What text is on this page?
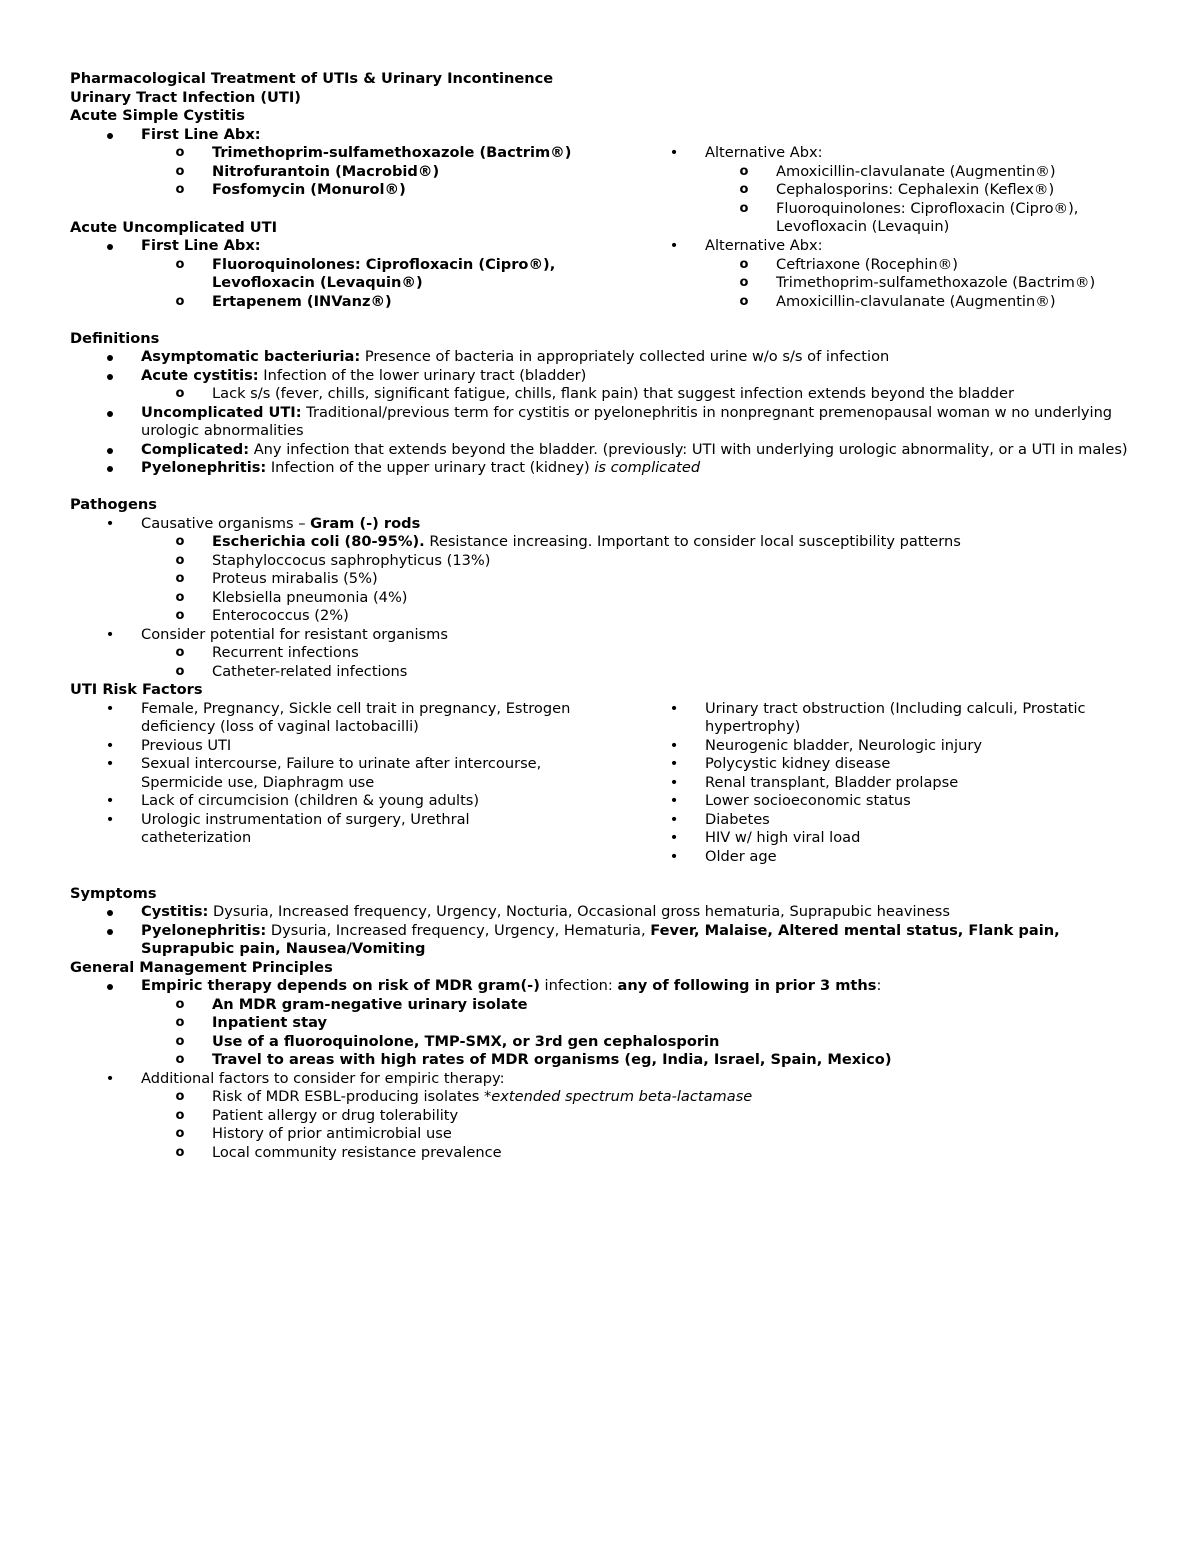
Pharmacological Treatment of UTIs & Urinary Incontinence
Urinary Tract Infection (UTI)
Acute Simple Cystitis
First Line Abx:
o Trimethoprim-sulfamethoxazole (Bactrim®)
o Nitrofurantoin (Macrobid®)
o Fosfomycin (Monurol®)
• Alternative Abx:
o Amoxicillin-clavulanate (Augmentin®)
o Cephalosporins: Cephalexin (Keflex®)
o Fluoroquinolones: Ciprofloxacin (Cipro®), Levofloxacin (Levaquin)
Acute Uncomplicated UTI
First Line Abx:
o Fluoroquinolones: Ciprofloxacin (Cipro®), Levofloxacin (Levaquin®)
o Ertapenem (INVanz®)
• Alternative Abx:
o Ceftriaxone (Rocephin®)
o Trimethoprim-sulfamethoxazole (Bactrim®)
o Amoxicillin-clavulanate (Augmentin®)
Definitions
Asymptomatic bacteriuria: Presence of bacteria in appropriately collected urine w/o s/s of infection
Acute cystitis: Infection of the lower urinary tract (bladder)
o Lack s/s (fever, chills, significant fatigue, chills, flank pain) that suggest infection extends beyond the bladder
Uncomplicated UTI: Traditional/previous term for cystitis or pyelonephritis in nonpregnant premenopausal woman w no underlying urologic abnormalities
Complicated: Any infection that extends beyond the bladder. (previously: UTI with underlying urologic abnormality, or a UTI in males)
Pyelonephritis: Infection of the upper urinary tract (kidney) is complicated
Pathogens
• Causative organisms – Gram (-) rods
o Escherichia coli (80-95%). Resistance increasing. Important to consider local susceptibility patterns
o Staphyloccocus saphrophyticus (13%)
o Proteus mirabalis (5%)
o Klebsiella pneumonia (4%)
o Enterococcus (2%)
• Consider potential for resistant organisms
o Recurrent infections
o Catheter-related infections
UTI Risk Factors
• Female, Pregnancy, Sickle cell trait in pregnancy, Estrogen deficiency (loss of vaginal lactobacilli)
• Previous UTI
• Sexual intercourse, Failure to urinate after intercourse, Spermicide use, Diaphragm use
• Lack of circumcision (children & young adults)
• Urologic instrumentation of surgery, Urethral catheterization
• Urinary tract obstruction (Including calculi, Prostatic hypertrophy)
• Neurogenic bladder, Neurologic injury
• Polycystic kidney disease
• Renal transplant, Bladder prolapse
• Lower socioeconomic status
• Diabetes
• HIV w/ high viral load
• Older age
Symptoms
Cystitis: Dysuria, Increased frequency, Urgency, Nocturia, Occasional gross hematuria, Suprapubic heaviness
Pyelonephritis: Dysuria, Increased frequency, Urgency, Hematuria, Fever, Malaise, Altered mental status, Flank pain, Suprapubic pain, Nausea/Vomiting
General Management Principles
Empiric therapy depends on risk of MDR gram(-) infection: any of following in prior 3 mths:
o An MDR gram-negative urinary isolate
o Inpatient stay
o Use of a fluoroquinolone, TMP-SMX, or 3rd gen cephalosporin
o Travel to areas with high rates of MDR organisms (eg, India, Israel, Spain, Mexico)
• Additional factors to consider for empiric therapy:
o Risk of MDR ESBL-producing isolates *extended spectrum beta-lactamase
o Patient allergy or drug tolerability
o History of prior antimicrobial use
o Local community resistance prevalence
